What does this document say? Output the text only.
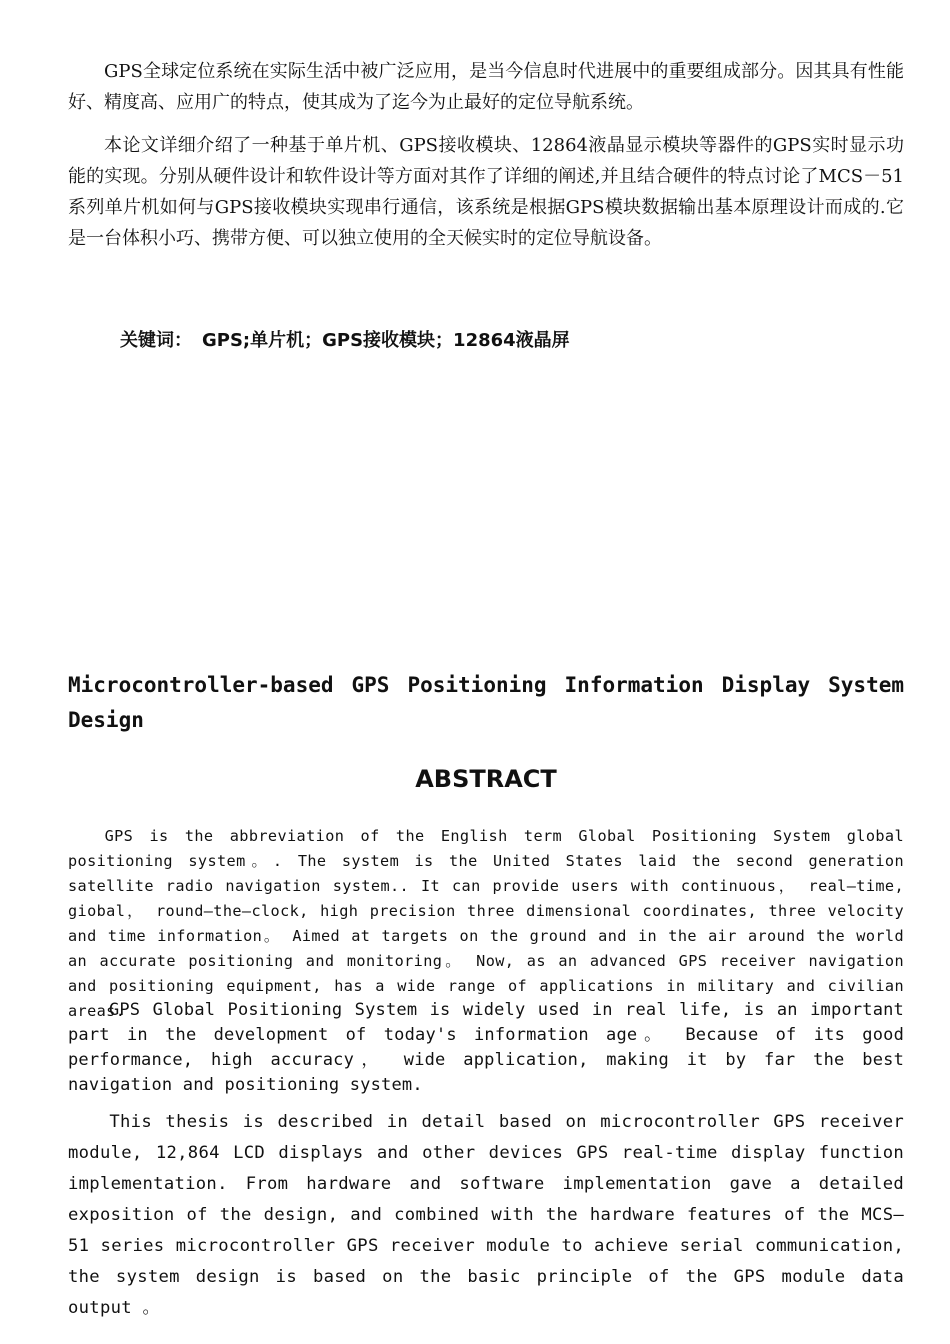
GPS全球定位系统在实际生活中被广泛应用，是当今信息时代进展中的重要组成部分。因其具有性能好、精度高、应用广的特点，使其成为了迄今为止最好的定位导航系统。

本论文详细介绍了一种基于单片机、GPS接收模块、12864液晶显示模块等器件的GPS实时显示功能的实现。分别从硬件设计和软件设计等方面对其作了详细的阐述,并且结合硬件的特点讨论了MCS－51系列单片机如何与GPS接收模块实现串行通信，该系统是根据GPS模块数据输出基本原理设计而成的.它是一台体积小巧、携带方便、可以独立使用的全天候实时的定位导航设备。

关键词： GPS;单片机；GPS接收模块；12864液晶屏
Microcontroller-based GPS Positioning Information Display System Design
ABSTRACT

GPS is the abbreviation of the English term Global Positioning System global positioning system。. The system is the United States laid the second generation satellite radio navigation system.. It can provide users with continuous， real—time, giobal， round—the—clock, high precision three dimensional coordinates, three velocity and time information。 Aimed at targets on the ground and in the air around the world an accurate positioning and monitoring。 Now, as an advanced GPS receiver navigation and positioning equipment, has a wide range of applications in military and civilian areas.

GPS Global Positioning System is widely used in real life, is an important part in the development of today's information age。 Because of its good performance, high accuracy， wide application, making it by far the best navigation and positioning system.

This thesis is described in detail based on microcontroller GPS receiver module, 12,864 LCD displays and other devices GPS real-time display function implementation. From hardware and software implementation gave a detailed exposition of the design, and combined with the hardware features of the MCS—51 series microcontroller GPS receiver module to achieve serial communication, the system design is based on the basic principle of the GPS module data output 。
